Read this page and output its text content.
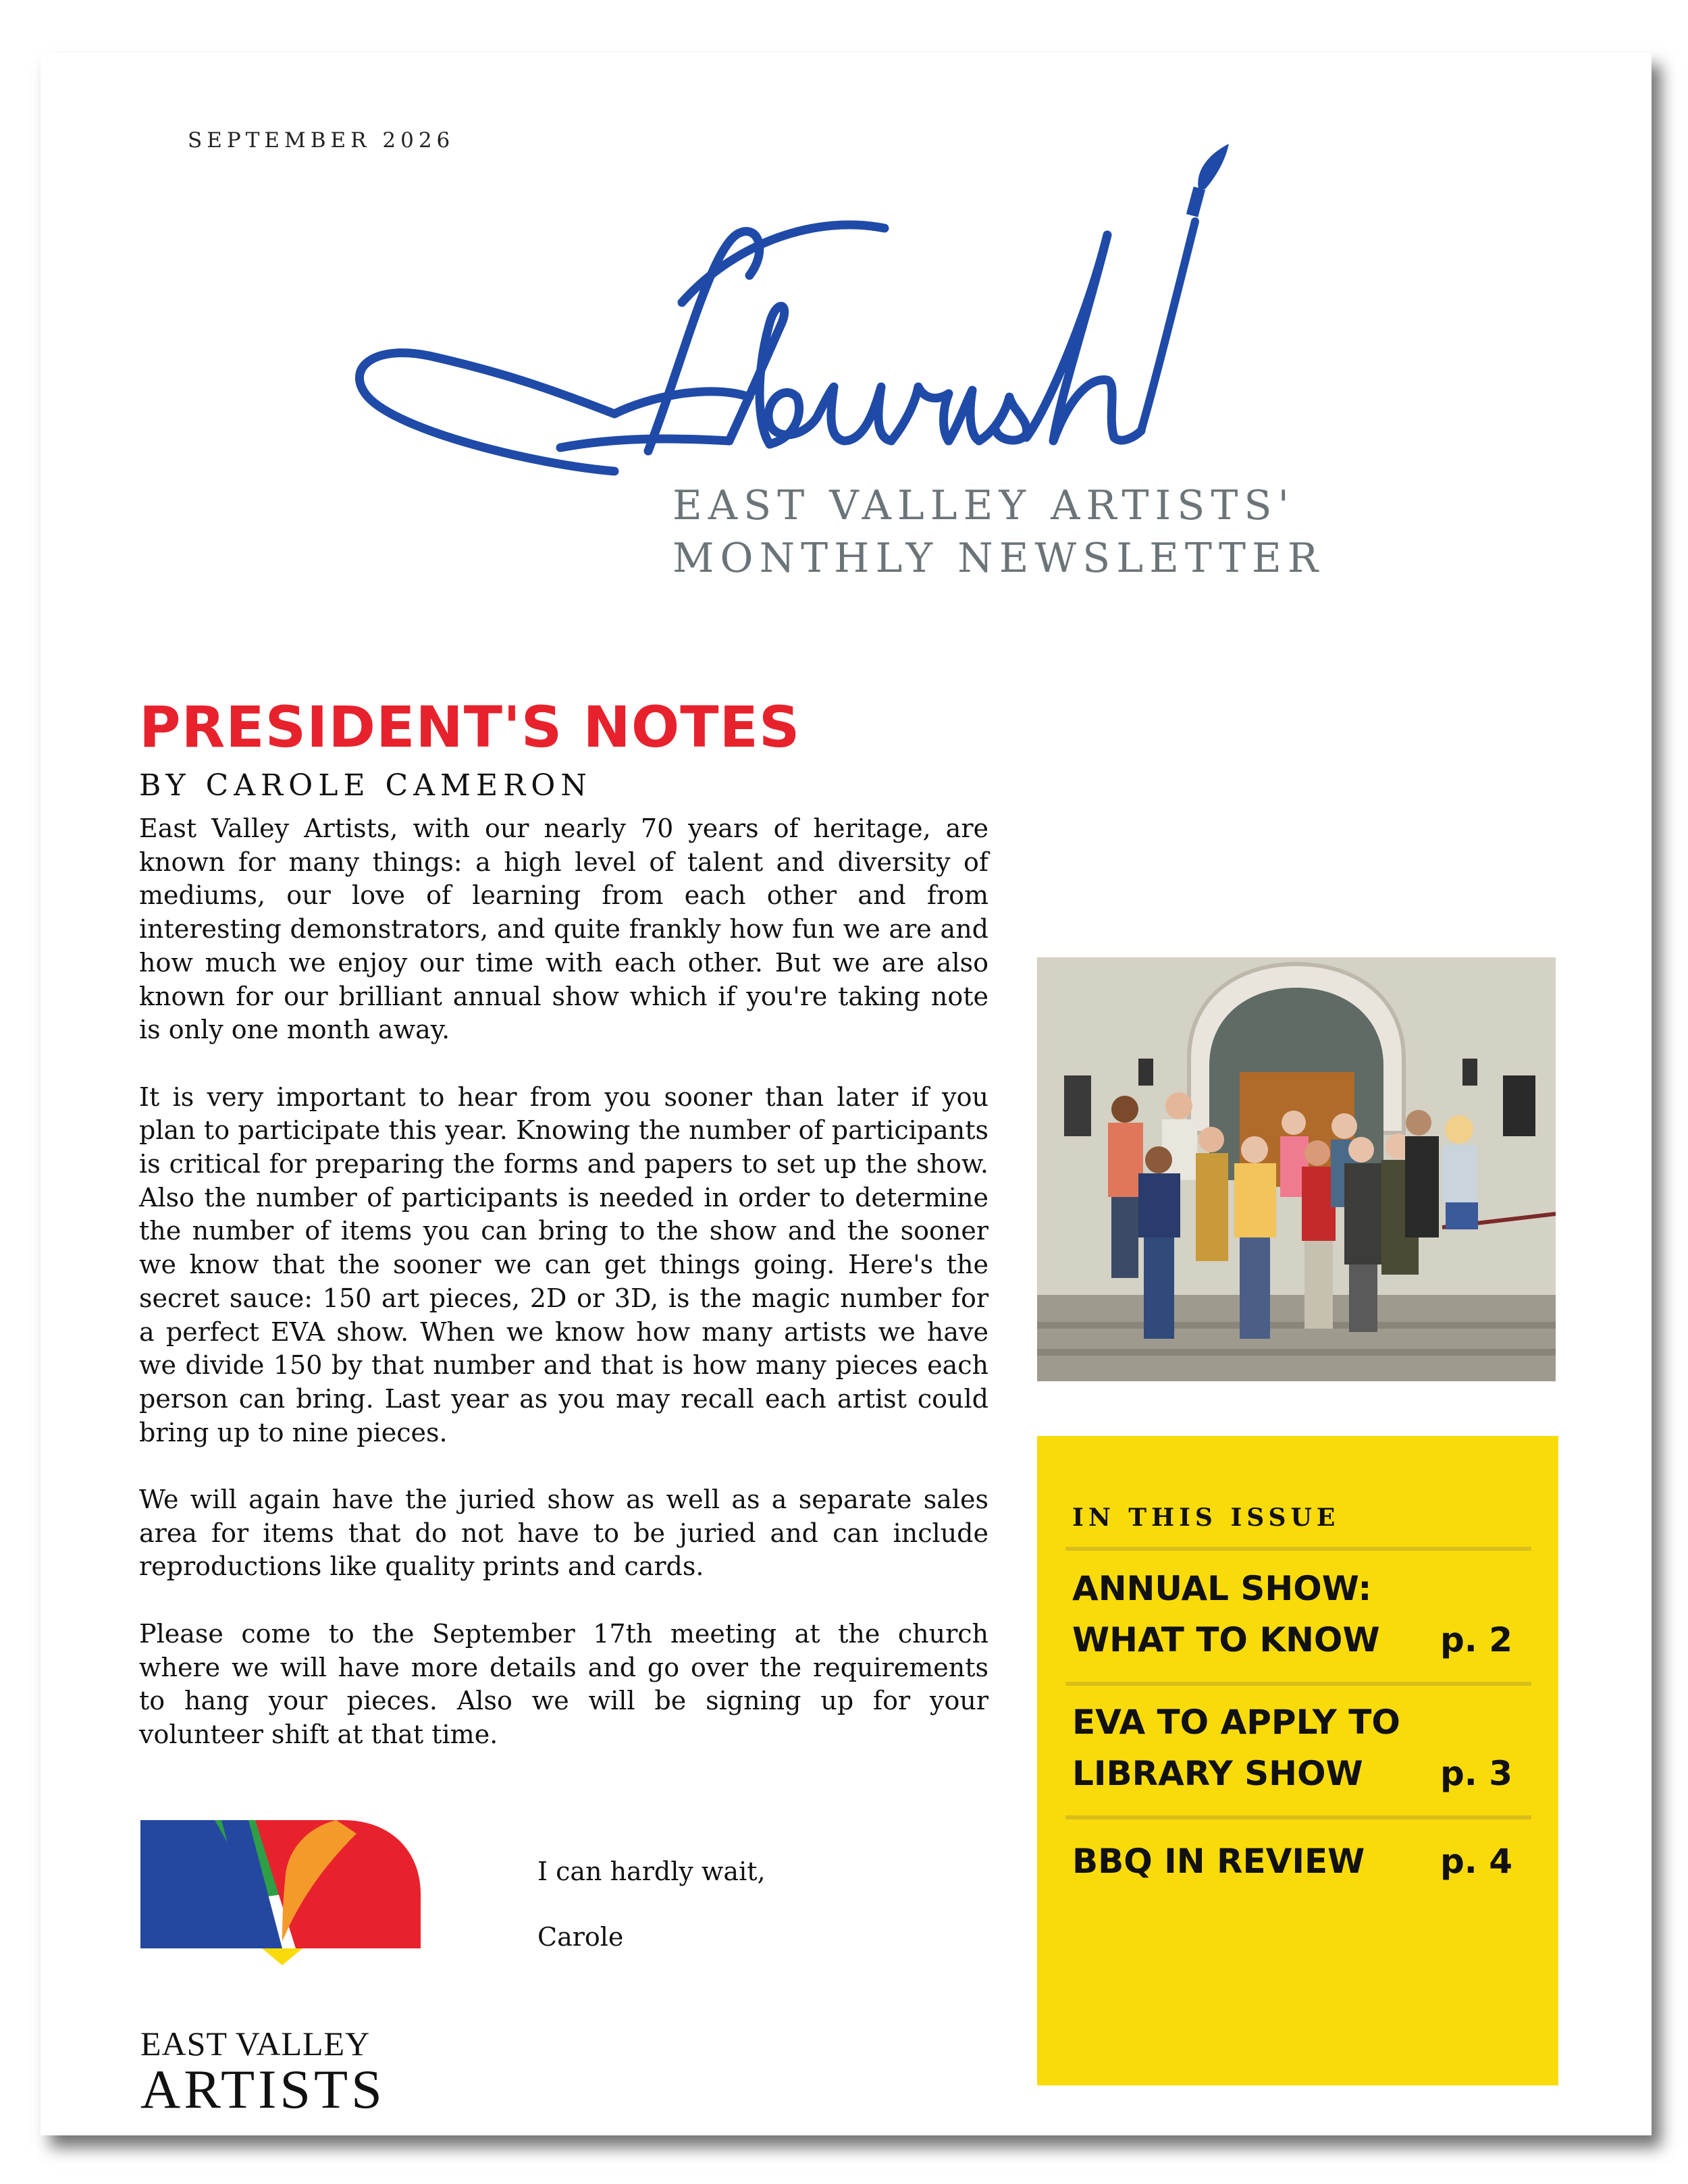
SEPTEMBER 2026
EAST VALLEY ARTISTS'
MONTHLY NEWSLETTER
PRESIDENT'S NOTES
BY CAROLE CAMERON

East Valley Artists, with our nearly 70 years of heritage, are known for many things: a high level of talent and diversity of mediums, our love of learning from each other and from interesting demonstrators, and quite frankly how fun we are and how much we enjoy our time with each other. But we are also known for our brilliant annual show which if you're taking note is only one month away.

It is very important to hear from you sooner than later if you plan to participate this year. Knowing the number of participants is critical for preparing the forms and papers to set up the show. Also the number of participants is needed in order to determine the number of items you can bring to the show and the sooner we know that the sooner we can get things going. Here's the secret sauce: 150 art pieces, 2D or 3D, is the magic number for a perfect EVA show. When we know how many artists we have we divide 150 by that number and that is how many pieces each person can bring. Last year as you may recall each artist could bring up to nine pieces.

We will again have the juried show as well as a separate sales area for items that do not have to be juried and can include reproductions like quality prints and cards.

Please come to the September 17th meeting at the church where we will have more details and go over the requirements to hang your pieces. Also we will be signing up for your volunteer shift at that time.

I can hardly wait,

Carole

EAST VALLEY
ARTISTS
IN THIS ISSUE
ANNUAL SHOW:
WHAT TO KNOW	p. 2
EVA TO APPLY TO
LIBRARY SHOW	p. 3
BBQ IN REVIEW	p. 4
